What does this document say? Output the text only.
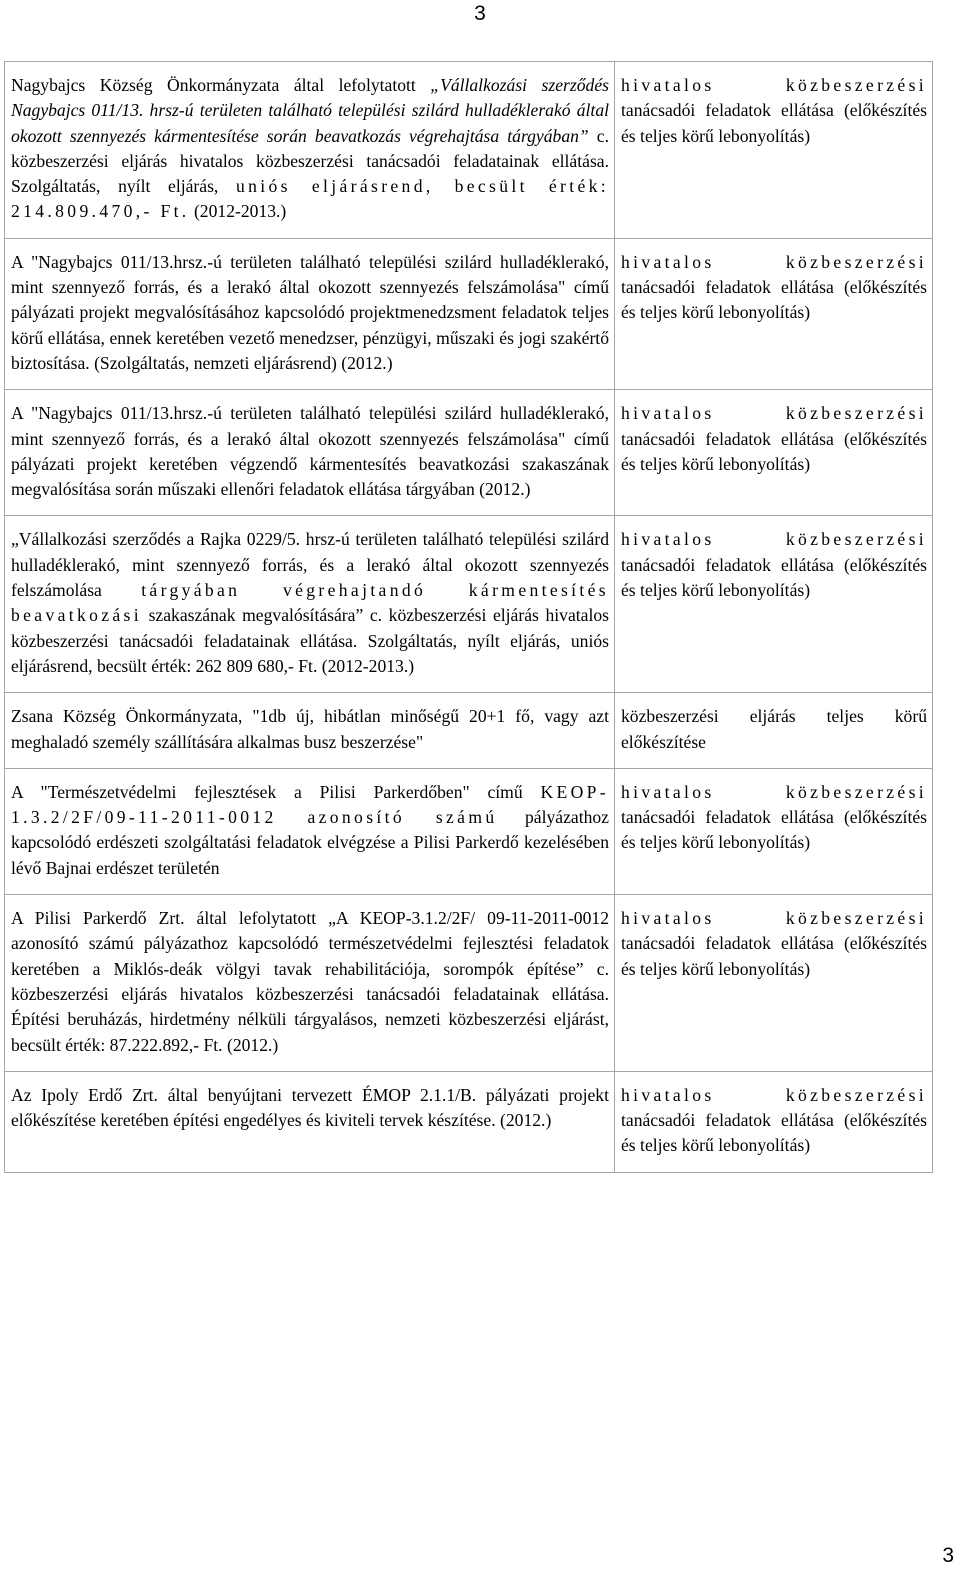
3
Nagybajcs Község Önkormányzata által lefolytatott „Vállalkozási szerződés Nagybajcs 011/13. hrsz-ú területen található települési szilárd hulladéklerakó által okozott szennyezés kármentesítése során beavatkozás végrehajtása tárgyában” c. közbeszerzési eljárás hivatalos közbeszerzési tanácsadói feladatainak ellátása. Szolgáltatás, nyílt eljárás, uniós eljárásrend, becsült érték: 214.809.470,- Ft. (2012-2013.)	hivatalos közbeszerzési tanácsadói feladatok ellátása (előkészítés és teljes körű lebonyolítás)
A "Nagybajcs 011/13.hrsz.-ú területen található települési szilárd hulladéklerakó, mint szennyező forrás, és a lerakó által okozott szennyezés felszámolása" című pályázati projekt megvalósításához kapcsolódó projektmenedzsment feladatok teljes körű ellátása, ennek keretében vezető menedzser, pénzügyi, műszaki és jogi szakértő biztosítása. (Szolgáltatás, nemzeti eljárásrend) (2012.)	hivatalos közbeszerzési tanácsadói feladatok ellátása (előkészítés és teljes körű lebonyolítás)
A "Nagybajcs 011/13.hrsz.-ú területen található települési szilárd hulladéklerakó, mint szennyező forrás, és a lerakó által okozott szennyezés felszámolása" című pályázati projekt keretében végzendő kármentesítés beavatkozási szakaszának megvalósítása során műszaki ellenőri feladatok ellátása tárgyában (2012.)	hivatalos közbeszerzési tanácsadói feladatok ellátása (előkészítés és teljes körű lebonyolítás)
„Vállalkozási szerződés a Rajka 0229/5. hrsz-ú területen található települési szilárd hulladéklerakó, mint szennyező forrás, és a lerakó által okozott szennyezés felszámolása tárgyában végrehajtandó kármentesítés beavatkozási szakaszának megvalósítására” c. közbeszerzési eljárás hivatalos közbeszerzési tanácsadói feladatainak ellátása. Szolgáltatás, nyílt eljárás, uniós eljárásrend, becsült érték: 262 809 680,- Ft. (2012-2013.)	hivatalos közbeszerzési tanácsadói feladatok ellátása (előkészítés és teljes körű lebonyolítás)
Zsana Község Önkormányzata, "1db új, hibátlan minőségű 20+1 fő, vagy azt meghaladó személy szállítására alkalmas busz beszerzése"	közbeszerzési eljárás teljes körű előkészítése
A "Természetvédelmi fejlesztések a Pilisi Parkerdőben" című KEOP-1.3.2/2F/09-11-2011-0012 azonosító számú pályázathoz kapcsolódó erdészeti szolgáltatási feladatok elvégzése a Pilisi Parkerdő kezelésében lévő Bajnai erdészet területén	hivatalos közbeszerzési tanácsadói feladatok ellátása (előkészítés és teljes körű lebonyolítás)
A Pilisi Parkerdő Zrt. által lefolytatott „A KEOP-3.1.2/2F/ 09-11-2011-0012 azonosító számú pályázathoz kapcsolódó természetvédelmi fejlesztési feladatok keretében a Miklós-deák völgyi tavak rehabilitációja, sorompók építése” c. közbeszerzési eljárás hivatalos közbeszerzési tanácsadói feladatainak ellátása. Építési beruházás, hirdetmény nélküli tárgyalásos, nemzeti közbeszerzési eljárást, becsült érték: 87.222.892,- Ft. (2012.)	hivatalos közbeszerzési tanácsadói feladatok ellátása (előkészítés és teljes körű lebonyolítás)
Az Ipoly Erdő Zrt. által benyújtani tervezett ÉMOP 2.1.1/B. pályázati projekt előkészítése keretében építési engedélyes és kiviteli tervek készítése. (2012.)	hivatalos közbeszerzési tanácsadói feladatok ellátása (előkészítés és teljes körű lebonyolítás)
3
